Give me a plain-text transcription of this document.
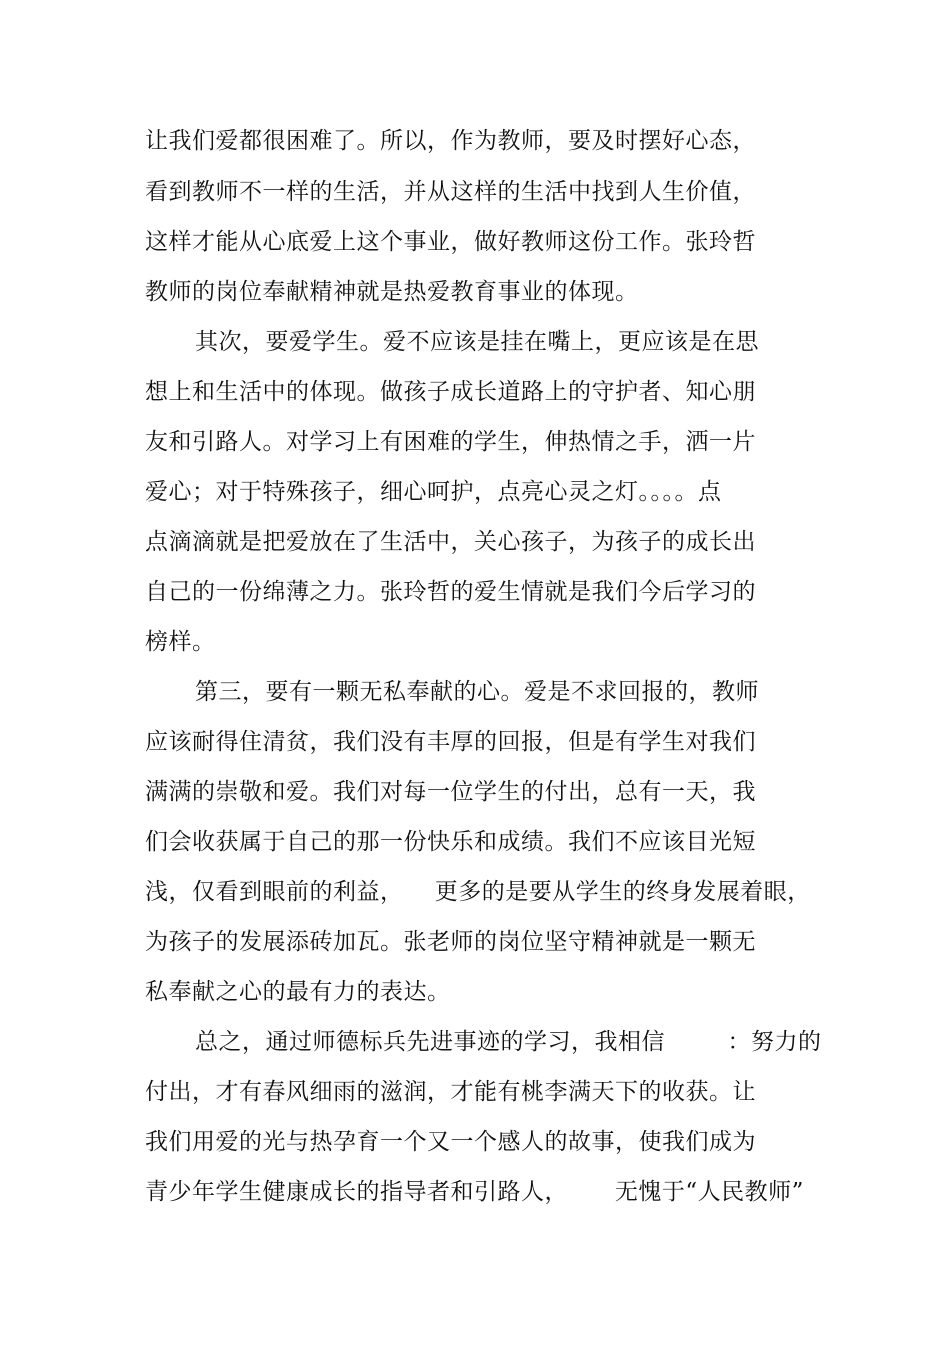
让我们爱都很困难了。所以，作为教师，要及时摆好心态，
看到教师不一样的生活，并从这样的生活中找到人生价值，
这样才能从心底爱上这个事业，做好教师这份工作。张玲哲
教师的岗位奉献精神就是热爱教育事业的体现。
其次，要爱学生。爱不应该是挂在嘴上，更应该是在思
想上和生活中的体现。做孩子成长道路上的守护者、知心朋
友和引路人。对学习上有困难的学生，伸热情之手，洒一片
爱心；对于特殊孩子，细心呵护，点亮心灵之灯。。。。点
点滴滴就是把爱放在了生活中，关心孩子，为孩子的成长出
自己的一份绵薄之力。张玲哲的爱生情就是我们今后学习的
榜样。
第三，要有一颗无私奉献的心。爱是不求回报的，教师
应该耐得住清贫，我们没有丰厚的回报，但是有学生对我们
满满的崇敬和爱。我们对每一位学生的付出，总有一天，我
们会收获属于自己的那一份快乐和成绩。我们不应该目光短
浅，仅看到眼前的利益，    更多的是要从学生的终身发展着眼，
为孩子的发展添砖加瓦。张老师的岗位坚守精神就是一颗无
私奉献之心的最有力的表达。
总之，通过师德标兵先进事迹的学习，我相信        ：努力的
付出，才有春风细雨的滋润，才能有桃李满天下的收获。让
我们用爱的光与热孕育一个又一个感人的故事，使我们成为
青少年学生健康成长的指导者和引路人，      无愧于“人民教师”
